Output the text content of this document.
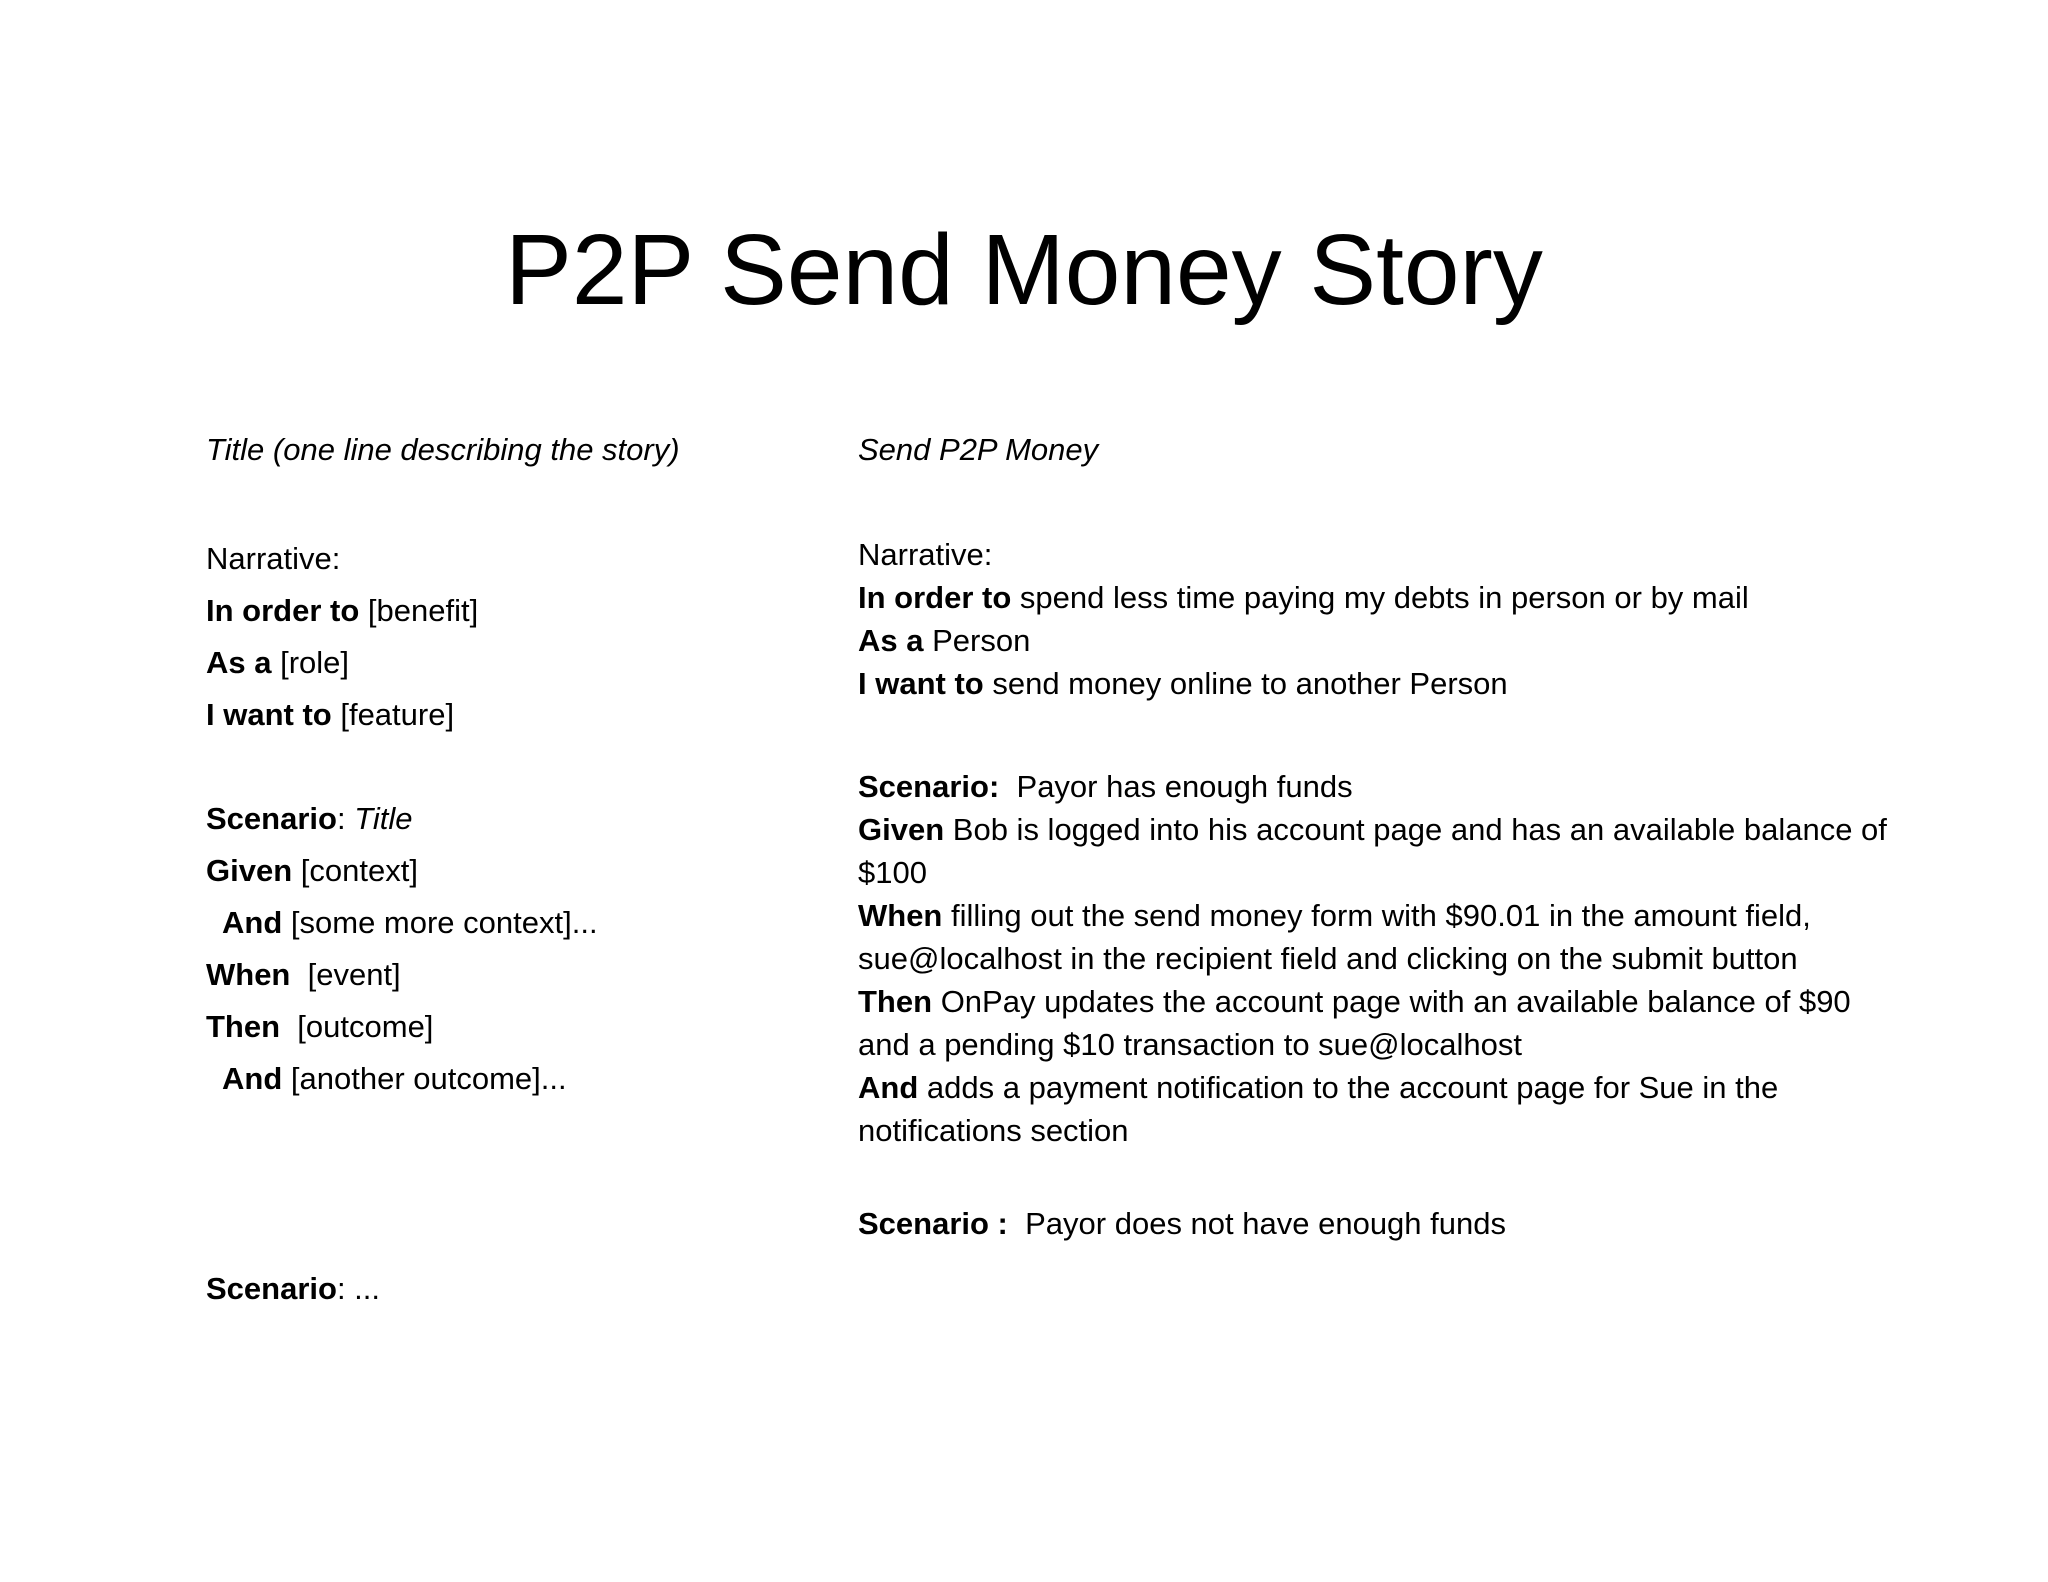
P2P Send Money Story
Title (one line describing the story)
Narrative:
In order to [benefit]
As a [role]
I want to [feature]
Scenario: Title
Given [context]
And [some more context]...
When [event]
Then [outcome]
And [another outcome]...
Scenario: ...
Send P2P Money
Narrative:
In order to spend less time paying my debts in person or by mail
As a Person
I want to send money online to another Person
Scenario: Payor has enough funds
Given Bob is logged into his account page and has an available balance of $100
When filling out the send money form with $90.01 in the amount field, sue@localhost in the recipient field and clicking on the submit button
Then OnPay updates the account page with an available balance of $90 and a pending $10 transaction to sue@localhost
And adds a payment notification to the account page for Sue in the notifications section
Scenario : Payor does not have enough funds
